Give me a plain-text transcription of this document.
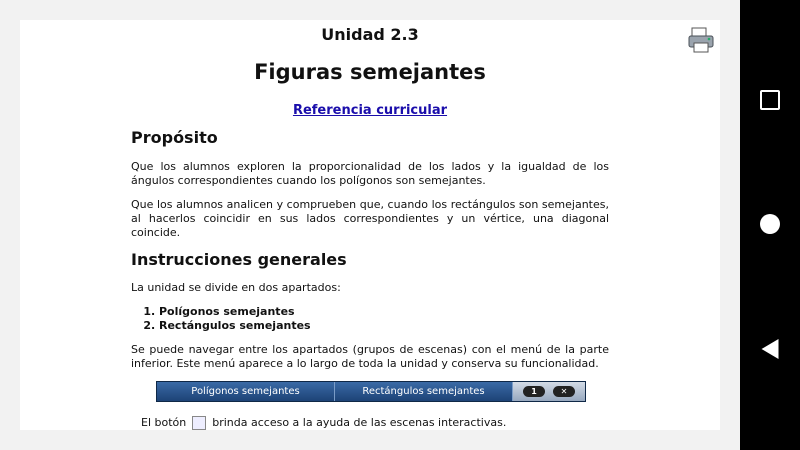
Unidad 2.3
Figuras semejantes
Referencia curricular
Propósito

Que los alumnos exploren la proporcionalidad de los lados y la igualdad de los ángulos correspondientes cuando los polígonos son semejantes.

Que los alumnos analicen y comprueben que, cuando los rectángulos son semejantes, al hacerlos coincidir en sus lados correspondientes y un vértice, una diagonal coincide.

Instrucciones generales

La unidad se divide en dos apartados:

1. Polígonos semejantes
2. Rectángulos semejantes

Se puede navegar entre los apartados (grupos de escenas) con el menú de la parte inferior. Este menú aparece a lo largo de toda la unidad y conserva su funcionalidad.

Polígonos semejantes	Rectángulos semejantes	1	✕
El botón brinda acceso a la ayuda de las escenas interactivas.
